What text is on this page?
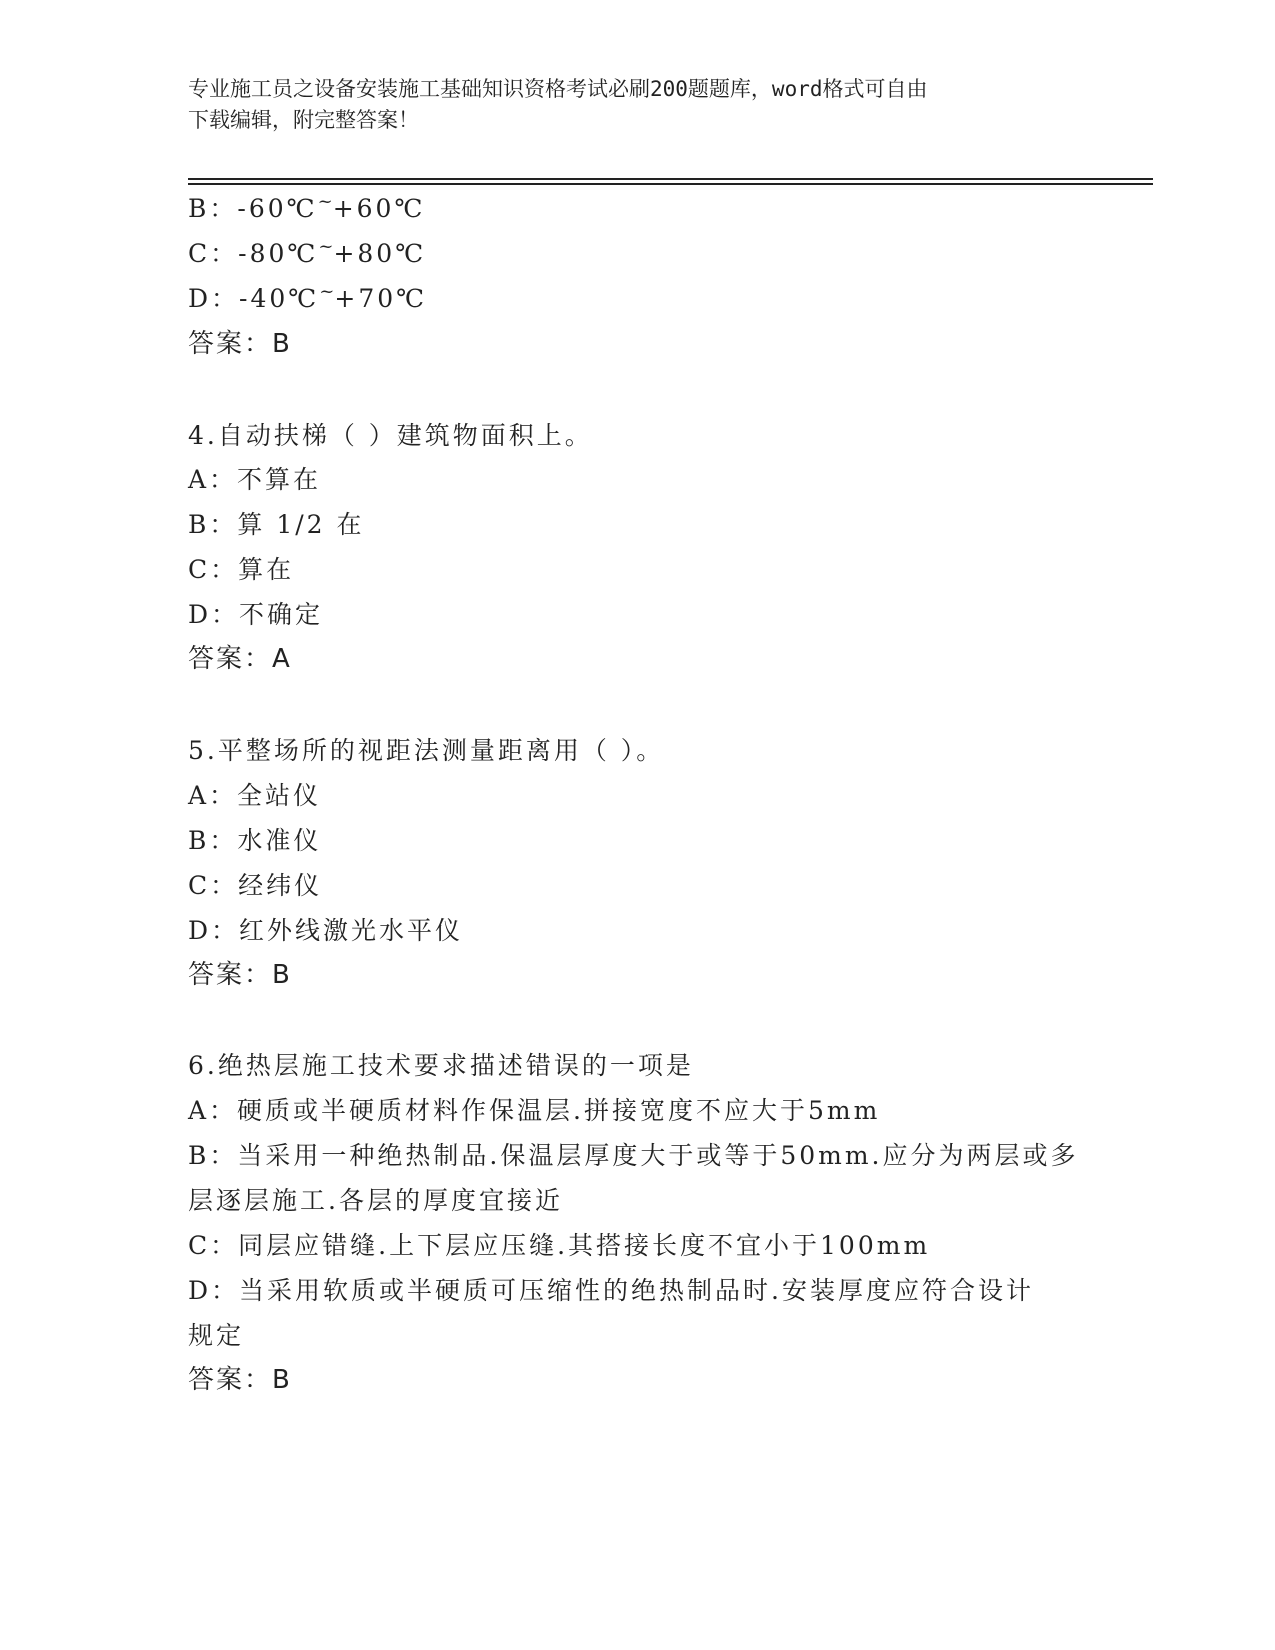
专业施工员之设备安装施工基础知识资格考试必刷200题题库，word格式可自由
下载编辑，附完整答案！
B：-60℃~+60℃
C：-80℃~+80℃
D：-40℃~+70℃
答案：B
4.自动扶梯（ ）建筑物面积上。
A：不算在
B：算 1/2 在
C：算在
D：不确定
答案：A
5.平整场所的视距法测量距离用（ ）。
A：全站仪
B：水准仪
C：经纬仪
D：红外线激光水平仪
答案：B
6.绝热层施工技术要求描述错误的一项是
A：硬质或半硬质材料作保温层.拼接宽度不应大于5mm
B：当采用一种绝热制品.保温层厚度大于或等于50mm.应分为两层或多
层逐层施工.各层的厚度宜接近
C：同层应错缝.上下层应压缝.其搭接长度不宜小于100mm
D：当采用软质或半硬质可压缩性的绝热制品时.安装厚度应符合设计
规定
答案：B
